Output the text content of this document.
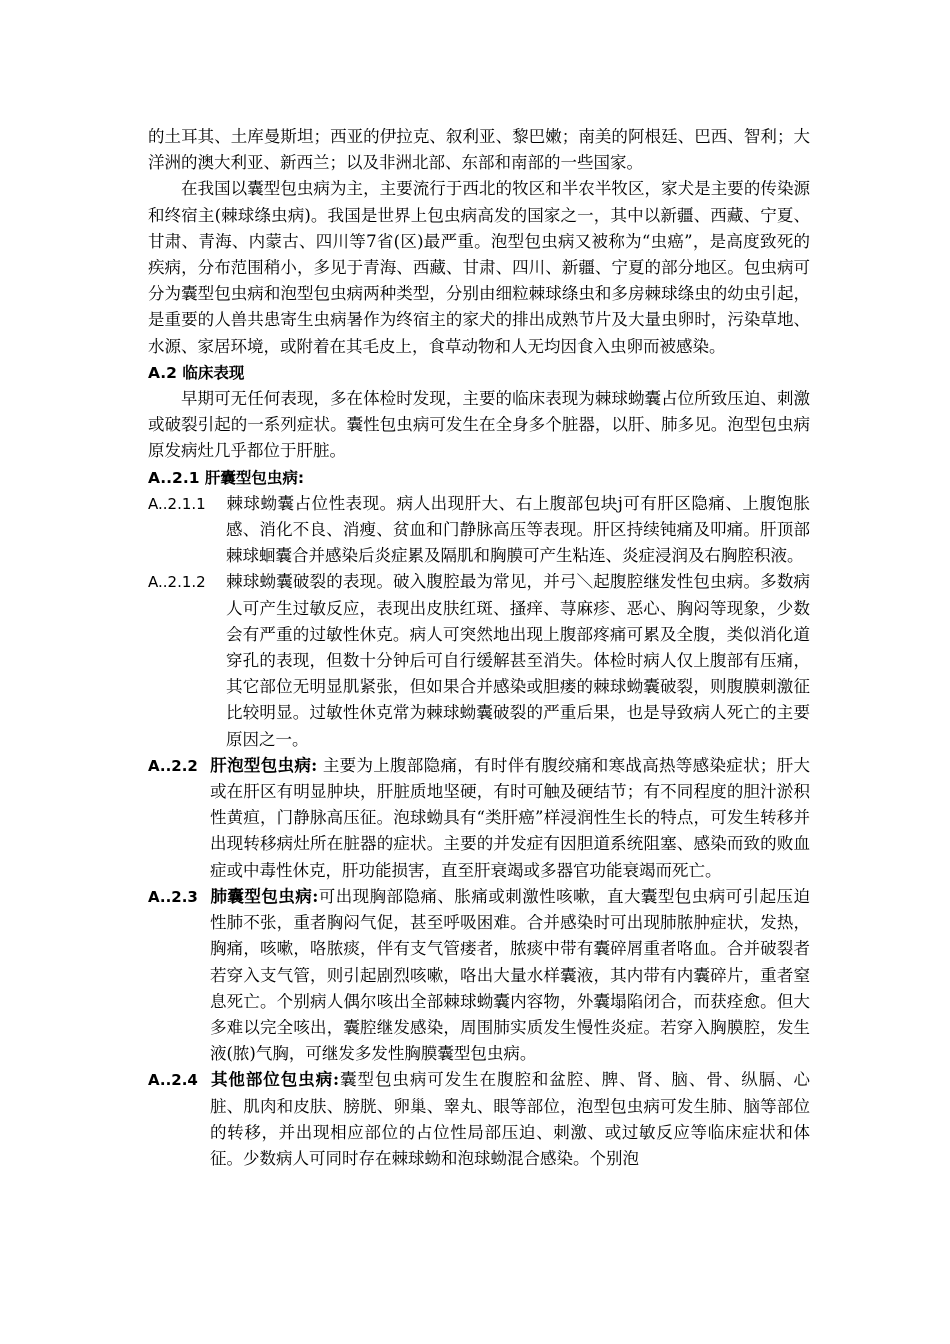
的土耳其、土库曼斯坦；西亚的伊拉克、叙利亚、黎巴嫩；南美的阿根廷、巴西、智利；大洋洲的澳大利亚、新西兰；以及非洲北部、东部和南部的一些国家。

在我国以囊型包虫病为主，主要流行于西北的牧区和半农半牧区，家犬是主要的传染源和终宿主(棘球绦虫病)。我国是世界上包虫病高发的国家之一，其中以新疆、西藏、宁夏、甘肃、青海、内蒙古、四川等7省(区)最严重。泡型包虫病又被称为“虫癌”，是高度致死的疾病，分布范围稍小，多见于青海、西藏、甘肃、四川、新疆、宁夏的部分地区。包虫病可分为囊型包虫病和泡型包虫病两种类型，分别由细粒棘球绦虫和多房棘球绦虫的幼虫引起，是重要的人兽共患寄生虫病暑作为终宿主的家犬的排出成熟节片及大量虫卵时，污染草地、水源、家居环境，或附着在其毛皮上，食草动物和人无均因食入虫卵而被感染。

A.2 临床表现

早期可无任何表现，多在体检时发现，主要的临床表现为棘球蚴囊占位所致压迫、刺激或破裂引起的一系列症状。囊性包虫病可发生在全身多个脏器，以肝、肺多见。泡型包虫病原发病灶几乎都位于肝脏。

A..2.1 肝囊型包虫病:

A..2.1.1 棘球蚴囊占位性表现。病人出现肝大、右上腹部包块j可有肝区隐痛、上腹饱胀感、消化不良、消瘦、贫血和门静脉高压等表现。肝区持续钝痛及叩痛。肝顶部棘球蛔囊合并感染后炎症累及隔肌和胸膜可产生粘连、炎症浸润及右胸腔积液。

A..2.1.2 棘球蚴囊破裂的表现。破入腹腔最为常见，并弓＼起腹腔继发性包虫病。多数病人可产生过敏反应，表现出皮肤红斑、搔痒、荨麻疹、恶心、胸闷等现象，少数会有严重的过敏性休克。病人可突然地出现上腹部疼痛可累及全腹，类似消化道穿孔的表现，但数十分钟后可自行缓解甚至消失。体检时病人仅上腹部有压痛，其它部位无明显肌紧张，但如果合并感染或胆瘘的棘球蚴囊破裂，则腹膜刺激征比较明显。过敏性休克常为棘球蚴囊破裂的严重后果，也是导致病人死亡的主要原因之一。

A..2.2 肝泡型包虫病: 主要为上腹部隐痛，有时伴有腹绞痛和寒战高热等感染症状；肝大或在肝区有明显肿块，肝脏质地坚硬，有时可触及硬结节；有不同程度的胆汁淤积性黄疸，门静脉高压征。泡球蚴具有“类肝癌”样浸润性生长的特点，可发生转移并出现转移病灶所在脏器的症状。主要的并发症有因胆道系统阻塞、感染而致的败血症或中毒性休克，肝功能损害，直至肝衰竭或多器官功能衰竭而死亡。

A..2.3 肺囊型包虫病:可出现胸部隐痛、胀痛或刺激性咳嗽，直大囊型包虫病可引起压迫性肺不张，重者胸闷气促，甚至呼吸困难。合并感染时可出现肺脓肿症状，发热，胸痛，咳嗽，咯脓痰，伴有支气管瘘者，脓痰中带有囊碎屑重者咯血。合并破裂者若穿入支气管，则引起剧烈咳嗽，咯出大量水样囊液，其内带有内囊碎片，重者窒息死亡。个别病人偶尔咳出全部棘球蚴囊内容物，外囊塌陷闭合，而获痊愈。但大多难以完全咳出，囊腔继发感染，周围肺实质发生慢性炎症。若穿入胸膜腔，发生液(脓)气胸，可继发多发性胸膜囊型包虫病。

A..2.4 其他部位包虫病:囊型包虫病可发生在腹腔和盆腔、脾、肾、脑、骨、纵膈、心脏、肌肉和皮肤、膀胱、卵巢、睾丸、眼等部位，泡型包虫病可发生肺、脑等部位的转移，并出现相应部位的占位性局部压迫、刺激、或过敏反应等临床症状和体征。少数病人可同时存在棘球蚴和泡球蚴混合感染。个别泡
